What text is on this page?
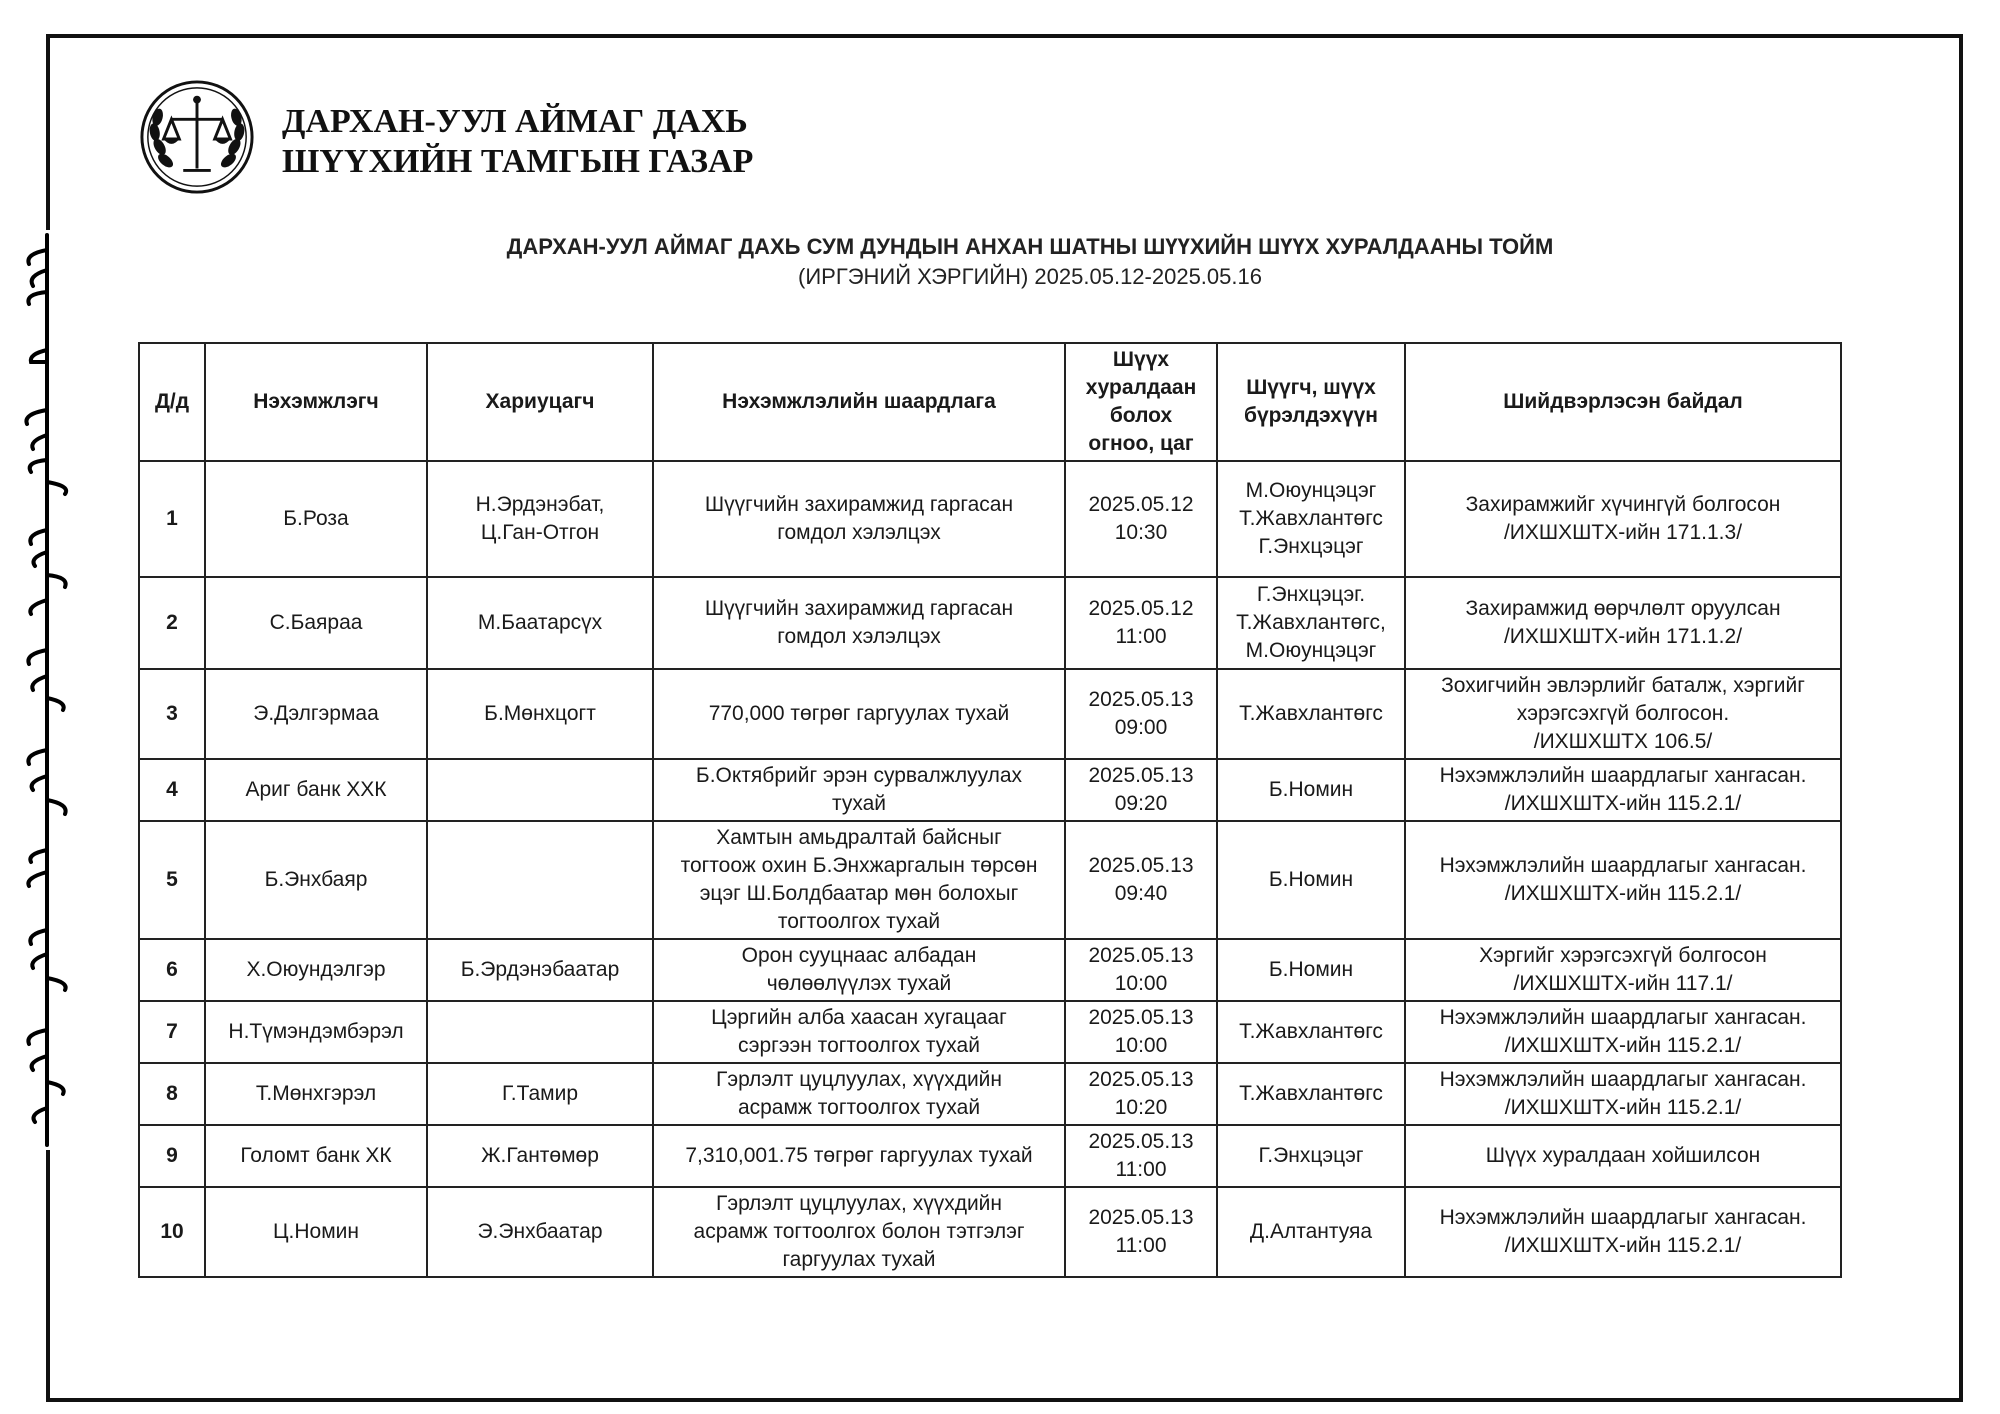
ДАРХАН-УУЛ АЙМАГ ДАХЬ
ШҮҮХИЙН ТАМГЫН ГАЗАР
ДАРХАН-УУЛ АЙМАГ ДАХЬ СУМ ДУНДЫН АНХАН ШАТНЫ ШҮҮХИЙН ШҮҮХ ХУРАЛДААНЫ ТОЙМ
(ИРГЭНИЙ ХЭРГИЙН) 2025.05.12-2025.05.16
Д/д	Нэхэмжлэгч	Хариуцагч	Нэхэмжлэлийн шаардлага	Шүүх
хуралдаан
болох
огноо, цаг	Шүүгч, шүүх
бүрэлдэхүүн	Шийдвэрлэсэн байдал
1	Б.Роза	Н.Эрдэнэбат,
Ц.Ган-Отгон	Шүүгчийн захирамжид гаргасан
гомдол хэлэлцэх	2025.05.12
10:30	М.Оюунцэцэг
Т.Жавхлантөгс
Г.Энхцэцэг	Захирамжийг хүчингүй болгосон
/ИХШХШТХ-ийн 171.1.3/
2	С.Баяраа	М.Баатарсүх	Шүүгчийн захирамжид гаргасан
гомдол хэлэлцэх	2025.05.12
11:00	Г.Энхцэцэг.
Т.Жавхлантөгс,
М.Оюунцэцэг	Захирамжид өөрчлөлт оруулсан
/ИХШХШТХ-ийн 171.1.2/
3	Э.Дэлгэрмаа	Б.Мөнхцогт	770,000 төгрөг гаргуулах тухай	2025.05.13
09:00	Т.Жавхлантөгс	Зохигчийн эвлэрлийг баталж, хэргийг
хэрэгсэхгүй болгосон.
/ИХШХШТХ 106.5/
4	Ариг банк ХХК		Б.Октябрийг эрэн сурвалжлуулах
тухай	2025.05.13
09:20	Б.Номин	Нэхэмжлэлийн шаардлагыг хангасан.
/ИХШХШТХ-ийн 115.2.1/
5	Б.Энхбаяр		Хамтын амьдралтай байсныг
тогтоож охин Б.Энхжаргалын төрсөн
эцэг Ш.Болдбаатар мөн болохыг
тогтоолгох тухай	2025.05.13
09:40	Б.Номин	Нэхэмжлэлийн шаардлагыг хангасан.
/ИХШХШТХ-ийн 115.2.1/
6	Х.Оюундэлгэр	Б.Эрдэнэбаатар	Орон сууцнаас албадан
чөлөөлүүлэх тухай	2025.05.13
10:00	Б.Номин	Хэргийг хэрэгсэхгүй болгосон
/ИХШХШТХ-ийн 117.1/
7	Н.Түмэндэмбэрэл		Цэргийн алба хаасан хугацааг
сэргээн тогтоолгох тухай	2025.05.13
10:00	Т.Жавхлантөгс	Нэхэмжлэлийн шаардлагыг хангасан.
/ИХШХШТХ-ийн 115.2.1/
8	Т.Мөнхгэрэл	Г.Тамир	Гэрлэлт цуцлуулах, хүүхдийн
асрамж тогтоолгох тухай	2025.05.13
10:20	Т.Жавхлантөгс	Нэхэмжлэлийн шаардлагыг хангасан.
/ИХШХШТХ-ийн 115.2.1/
9	Голомт банк ХК	Ж.Гантөмөр	7,310,001.75 төгрөг гаргуулах тухай	2025.05.13
11:00	Г.Энхцэцэг	Шүүх хуралдаан хойшилсон
10	Ц.Номин	Э.Энхбаатар	Гэрлэлт цуцлуулах, хүүхдийн
асрамж тогтоолгох болон тэтгэлэг
гаргуулах тухай	2025.05.13
11:00	Д.Алтантуяа	Нэхэмжлэлийн шаардлагыг хангасан.
/ИХШХШТХ-ийн 115.2.1/
